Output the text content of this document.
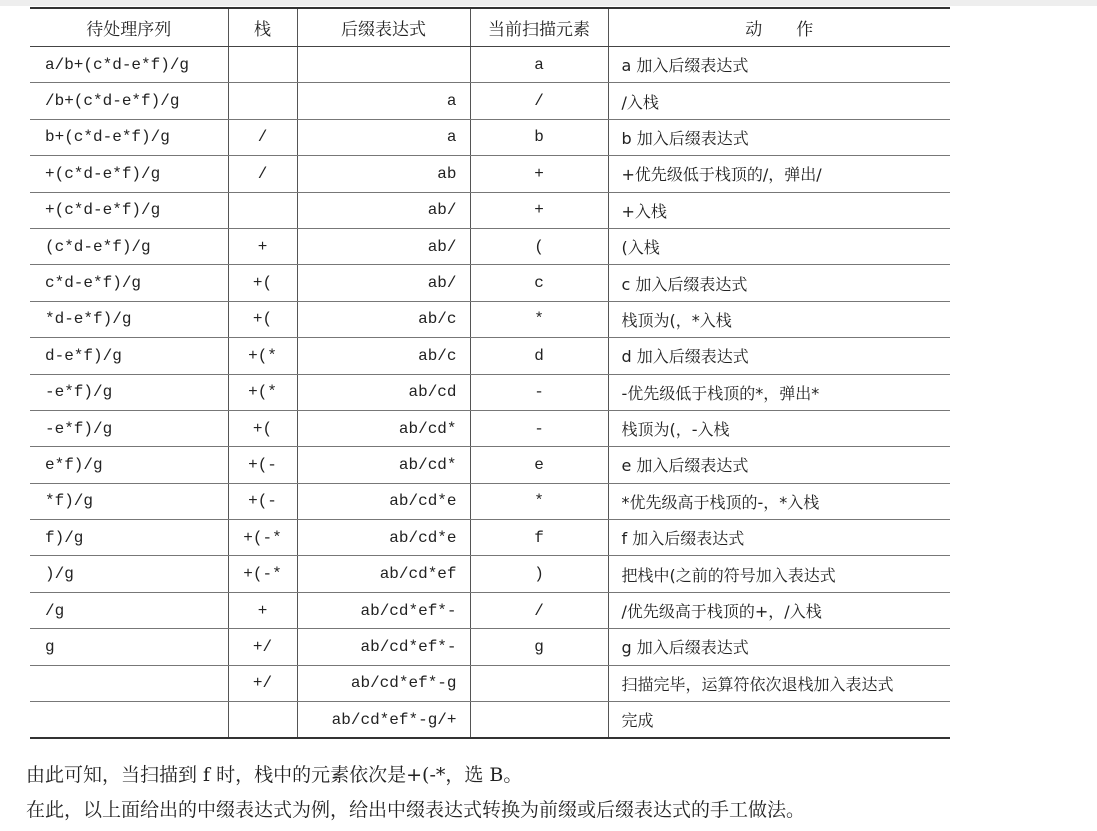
待处理序列	栈	后缀表达式	当前扫描元素	动　　作
a/b+(c*d-e*f)/g			a	a 加入后缀表达式
/b+(c*d-e*f)/g		a	/	/入栈
b+(c*d-e*f)/g	/	a	b	b 加入后缀表达式
+(c*d-e*f)/g	/	ab	+	+优先级低于栈顶的/，弹出/
+(c*d-e*f)/g		ab/	+	+入栈
(c*d-e*f)/g	+	ab/	(	(入栈
c*d-e*f)/g	+(	ab/	c	c 加入后缀表达式
*d-e*f)/g	+(	ab/c	*	栈顶为(，*入栈
d-e*f)/g	+(*	ab/c	d	d 加入后缀表达式
-e*f)/g	+(*	ab/cd	-	-优先级低于栈顶的*，弹出*
-e*f)/g	+(	ab/cd*	-	栈顶为(，-入栈
e*f)/g	+(-	ab/cd*	e	e 加入后缀表达式
*f)/g	+(-	ab/cd*e	*	*优先级高于栈顶的-，*入栈
f)/g	+(-*	ab/cd*e	f	f 加入后缀表达式
)/g	+(-*	ab/cd*ef	)	把栈中(之前的符号加入表达式
/g	+	ab/cd*ef*-	/	/优先级高于栈顶的+，/入栈
g	+/	ab/cd*ef*-	g	g 加入后缀表达式
	+/	ab/cd*ef*-g		扫描完毕，运算符依次退栈加入表达式
		ab/cd*ef*-g/+		完成
由此可知，当扫描到 f 时，栈中的元素依次是+(-*，选 B。
在此，以上面给出的中缀表达式为例，给出中缀表达式转换为前缀或后缀表达式的手工做法。
